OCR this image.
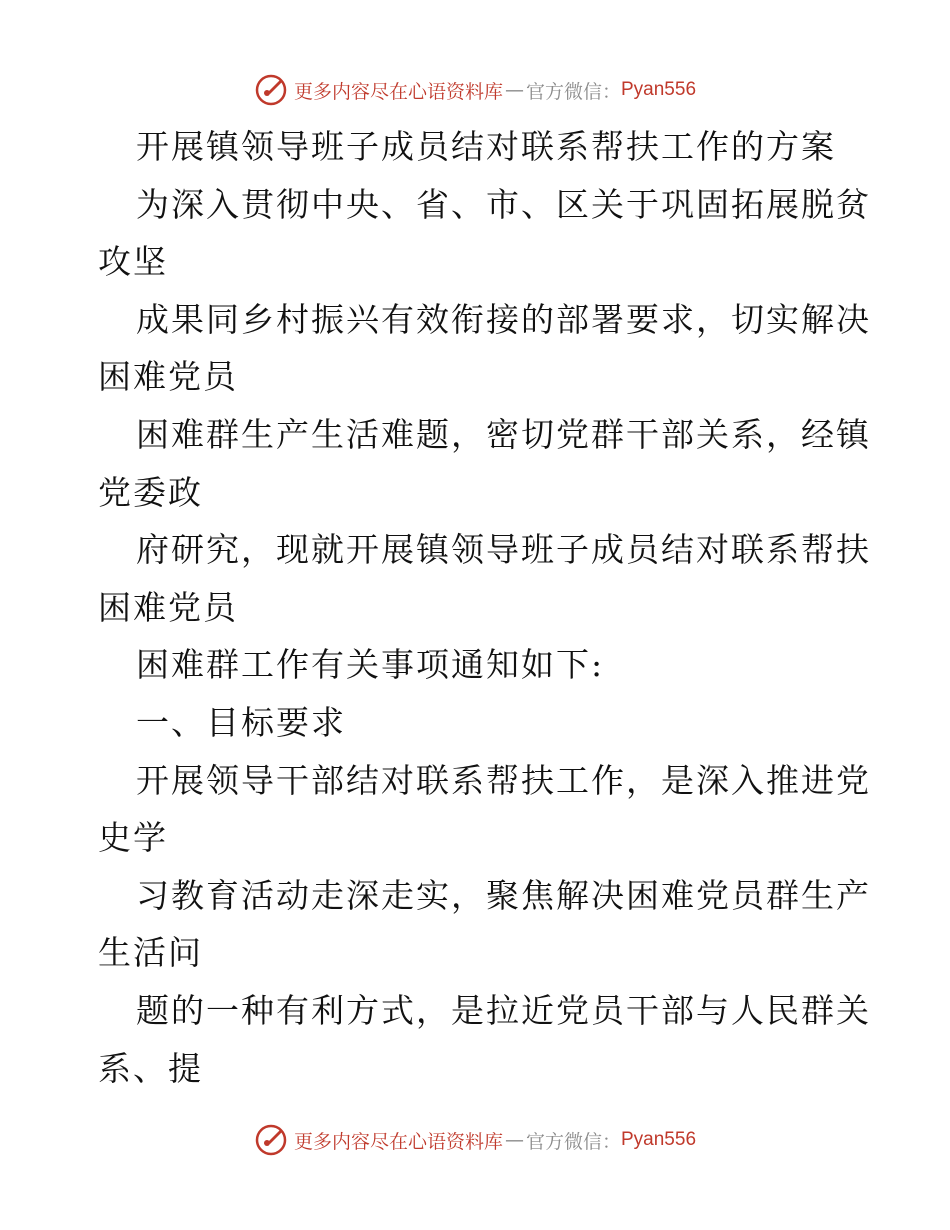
更多内容尽在心语资料库 — 官方微信： Pyan556
开展镇领导班子成员结对联系帮扶工作的方案
为深入贯彻中央、省、市、区关于巩固拓展脱贫
攻坚
成果同乡村振兴有效衔接的部署要求，切实解决
困难党员
困难群生产生活难题，密切党群干部关系，经镇
党委政
府研究，现就开展镇领导班子成员结对联系帮扶
困难党员
困难群工作有关事项通知如下:
一、目标要求
开展领导干部结对联系帮扶工作，是深入推进党
史学
习教育活动走深走实，聚焦解决困难党员群生产
生活问
题的一种有利方式，是拉近党员干部与人民群关
系、提
更多内容尽在心语资料库 — 官方微信： Pyan556
